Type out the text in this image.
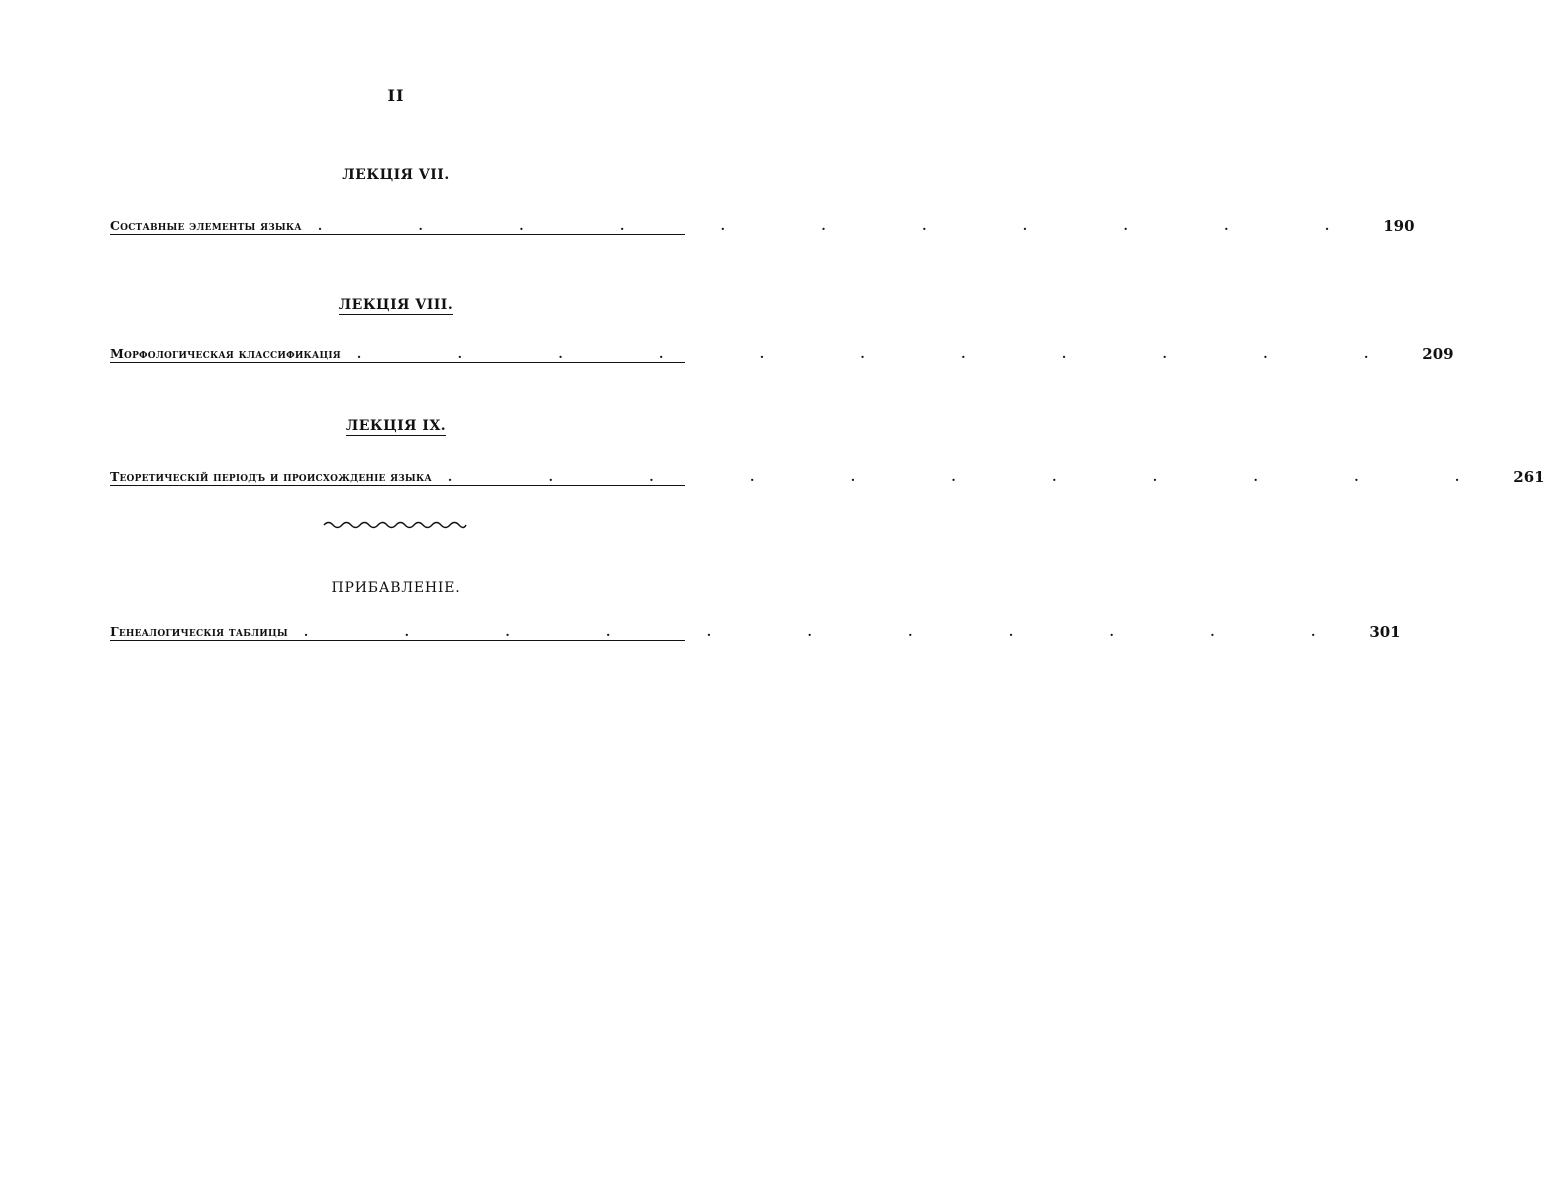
II
ЛЕКЦІЯ VII.
Составные элементы языка	. . . . . . . . . . . 190
ЛЕКЦІЯ VIII.
Морфологическая классификація	. . . . . . . . . . . 209
ЛЕКЦІЯ IX.
Теоретическій періодъ и происхожденіе языка	. . . . . . . . . . . 261
ПРИБАВЛЕНІЕ.
Генеалогическія таблицы	. . . . . . . . . . . 301
